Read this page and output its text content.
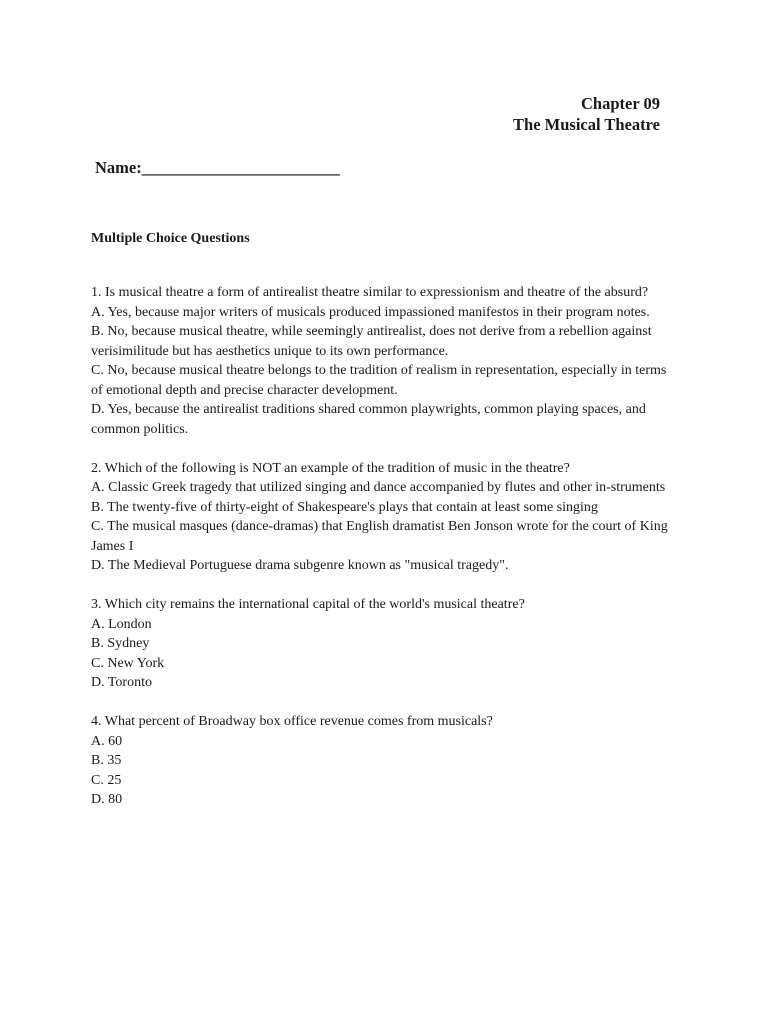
Chapter 09
The Musical Theatre
Name:________________________
Multiple Choice Questions

1. Is musical theatre a form of antirealist theatre similar to expressionism and theatre of the absurd?

A. Yes, because major writers of musicals produced impassioned manifestos in their program notes.

B. No, because musical theatre, while seemingly antirealist, does not derive from a rebellion against verisimilitude but has aesthetics unique to its own performance.

C. No, because musical theatre belongs to the tradition of realism in representation, especially in terms of emotional depth and precise character development.

D. Yes, because the antirealist traditions shared common playwrights, common playing spaces, and common politics.

2. Which of the following is NOT an example of the tradition of music in the theatre?

A. Classic Greek tragedy that utilized singing and dance accompanied by flutes and other in-struments

B. The twenty-five of thirty-eight of Shakespeare's plays that contain at least some singing

C. The musical masques (dance-dramas) that English dramatist Ben Jonson wrote for the court of King James I

D. The Medieval Portuguese drama subgenre known as "musical tragedy".

3. Which city remains the international capital of the world's musical theatre?

A. London

B. Sydney

C. New York

D. Toronto

4. What percent of Broadway box office revenue comes from musicals?

A. 60

B. 35

C. 25

D. 80
